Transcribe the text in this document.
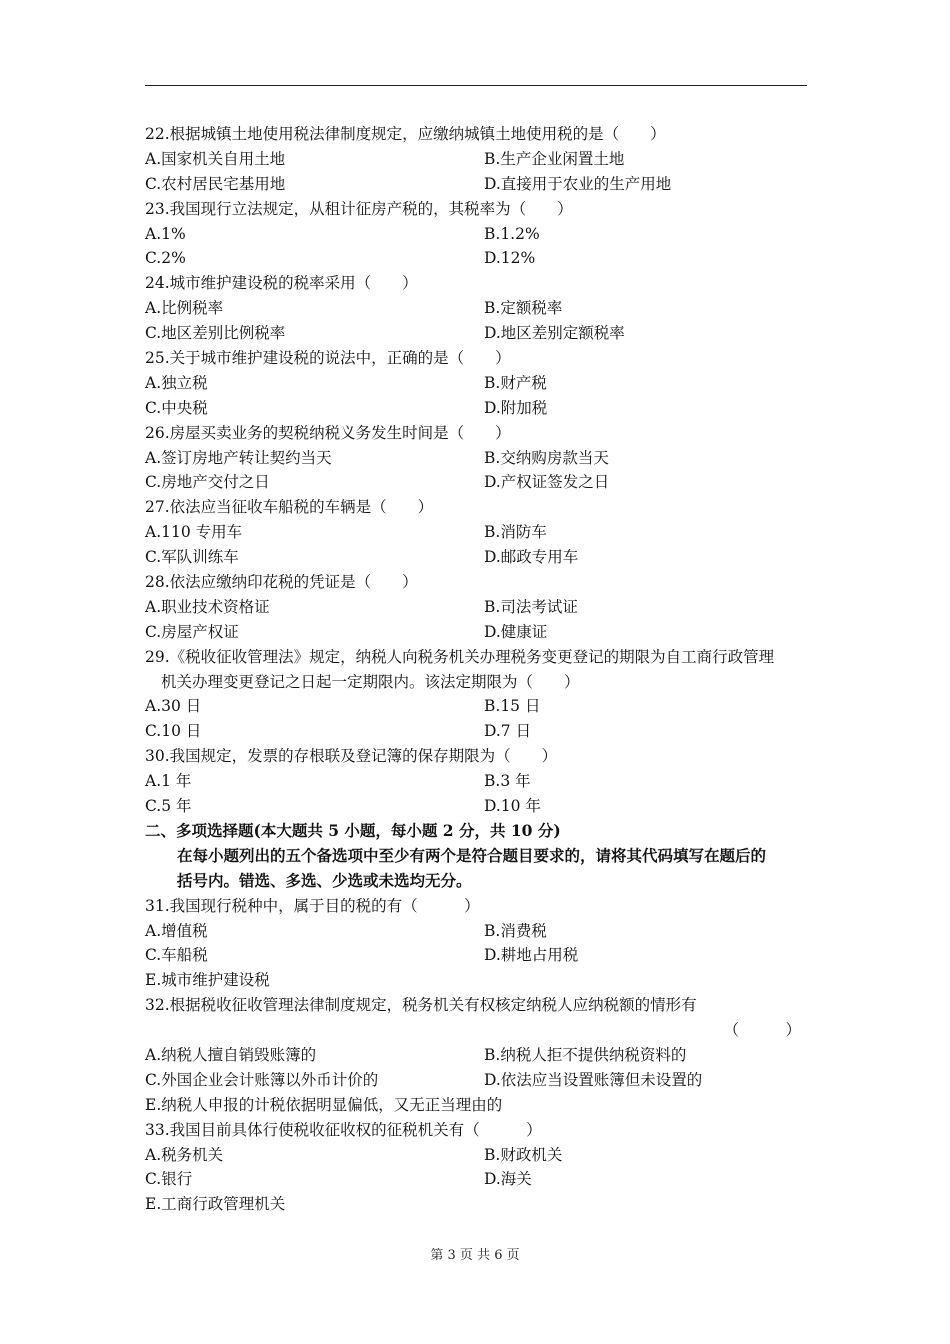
22.根据城镇土地使用税法律制度规定，应缴纳城镇土地使用税的是（　　）
A.国家机关自用土地	B.生产企业闲置土地
C.农村居民宅基用地	D.直接用于农业的生产用地
23.我国现行立法规定，从租计征房产税的，其税率为（　　）
A.1%	B.1.2%
C.2%	D.12%
24.城市维护建设税的税率采用（　　）
A.比例税率	B.定额税率
C.地区差别比例税率	D.地区差别定额税率
25.关于城市维护建设税的说法中，正确的是（　　）
A.独立税	B.财产税
C.中央税	D.附加税
26.房屋买卖业务的契税纳税义务发生时间是（　　）
A.签订房地产转让契约当天	B.交纳购房款当天
C.房地产交付之日	D.产权证签发之日
27.依法应当征收车船税的车辆是（　　）
A.110 专用车	B.消防车
C.军队训练车	D.邮政专用车
28.依法应缴纳印花税的凭证是（　　）
A.职业技术资格证	B.司法考试证
C.房屋产权证	D.健康证
29.《税收征收管理法》规定，纳税人向税务机关办理税务变更登记的期限为自工商行政管理
机关办理变更登记之日起一定期限内。该法定期限为（　　）
A.30 日	B.15 日
C.10 日	D.7 日
30.我国规定，发票的存根联及登记簿的保存期限为（　　）
A.1 年	B.3 年
C.5 年	D.10 年
二、多项选择题(本大题共 5 小题，每小题 2 分，共 10 分)
在每小题列出的五个备选项中至少有两个是符合题目要求的，请将其代码填写在题后的
括号内。错选、多选、少选或未选均无分。
31.我国现行税种中，属于目的税的有（　　　）
A.增值税	B.消费税
C.车船税	D.耕地占用税
E.城市维护建设税
32.根据税收征收管理法律制度规定，税务机关有权核定纳税人应纳税额的情形有
（　　　）
A.纳税人擅自销毁账簿的	B.纳税人拒不提供纳税资料的
C.外国企业会计账簿以外币计价的	D.依法应当设置账簿但未设置的
E.纳税人申报的计税依据明显偏低，又无正当理由的
33.我国目前具体行使税收征收权的征税机关有（　　　）
A.税务机关	B.财政机关
C.银行	D.海关
E.工商行政管理机关
第 3 页 共 6 页
